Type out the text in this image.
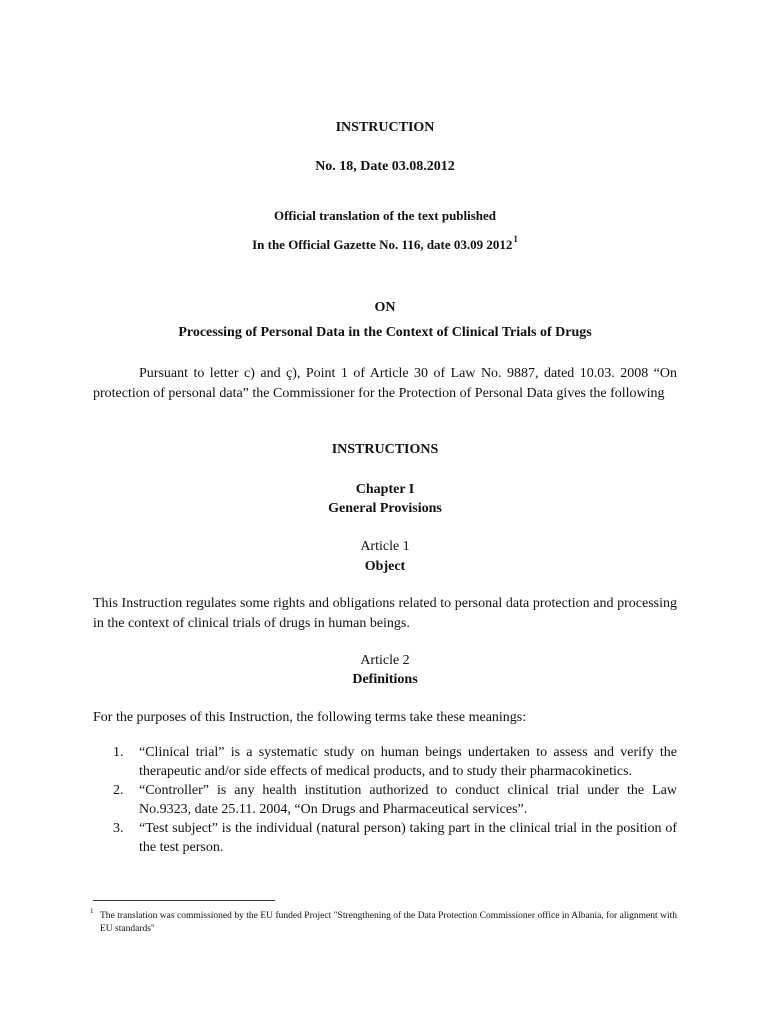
INSTRUCTION
No. 18, Date 03.08.2012
Official translation of the text published
In the Official Gazette No. 116, date 03.09 2012$^1$
ON
Processing of Personal Data in the Context of Clinical Trials of Drugs
Pursuant to letter c) and ç), Point 1 of Article 30 of Law No. 9887, dated 10.03. 2008 “On protection of personal data” the Commissioner for the Protection of Personal Data gives the following
INSTRUCTIONS
Chapter I
General Provisions
Article 1
Object
This Instruction regulates some rights and obligations related to personal data protection and processing in the context of clinical trials of drugs in human beings.
Article 2
Definitions
For the purposes of this Instruction, the following terms take these meanings:
1. “Clinical trial” is a systematic study on human beings undertaken to assess and verify the therapeutic and/or side effects of medical products, and to study their pharmacokinetics.
2. “Controller” is any health institution authorized to conduct clinical trial under the Law No.9323, date 25.11. 2004, “On Drugs and Pharmaceutical services”.
3. “Test subject” is the individual (natural person) taking part in the clinical trial in the position of the test person.
1 The translation was commissioned by the EU funded Project "Strengthening of the Data Protection Commissioner office in Albania, for alignment with EU standards"
